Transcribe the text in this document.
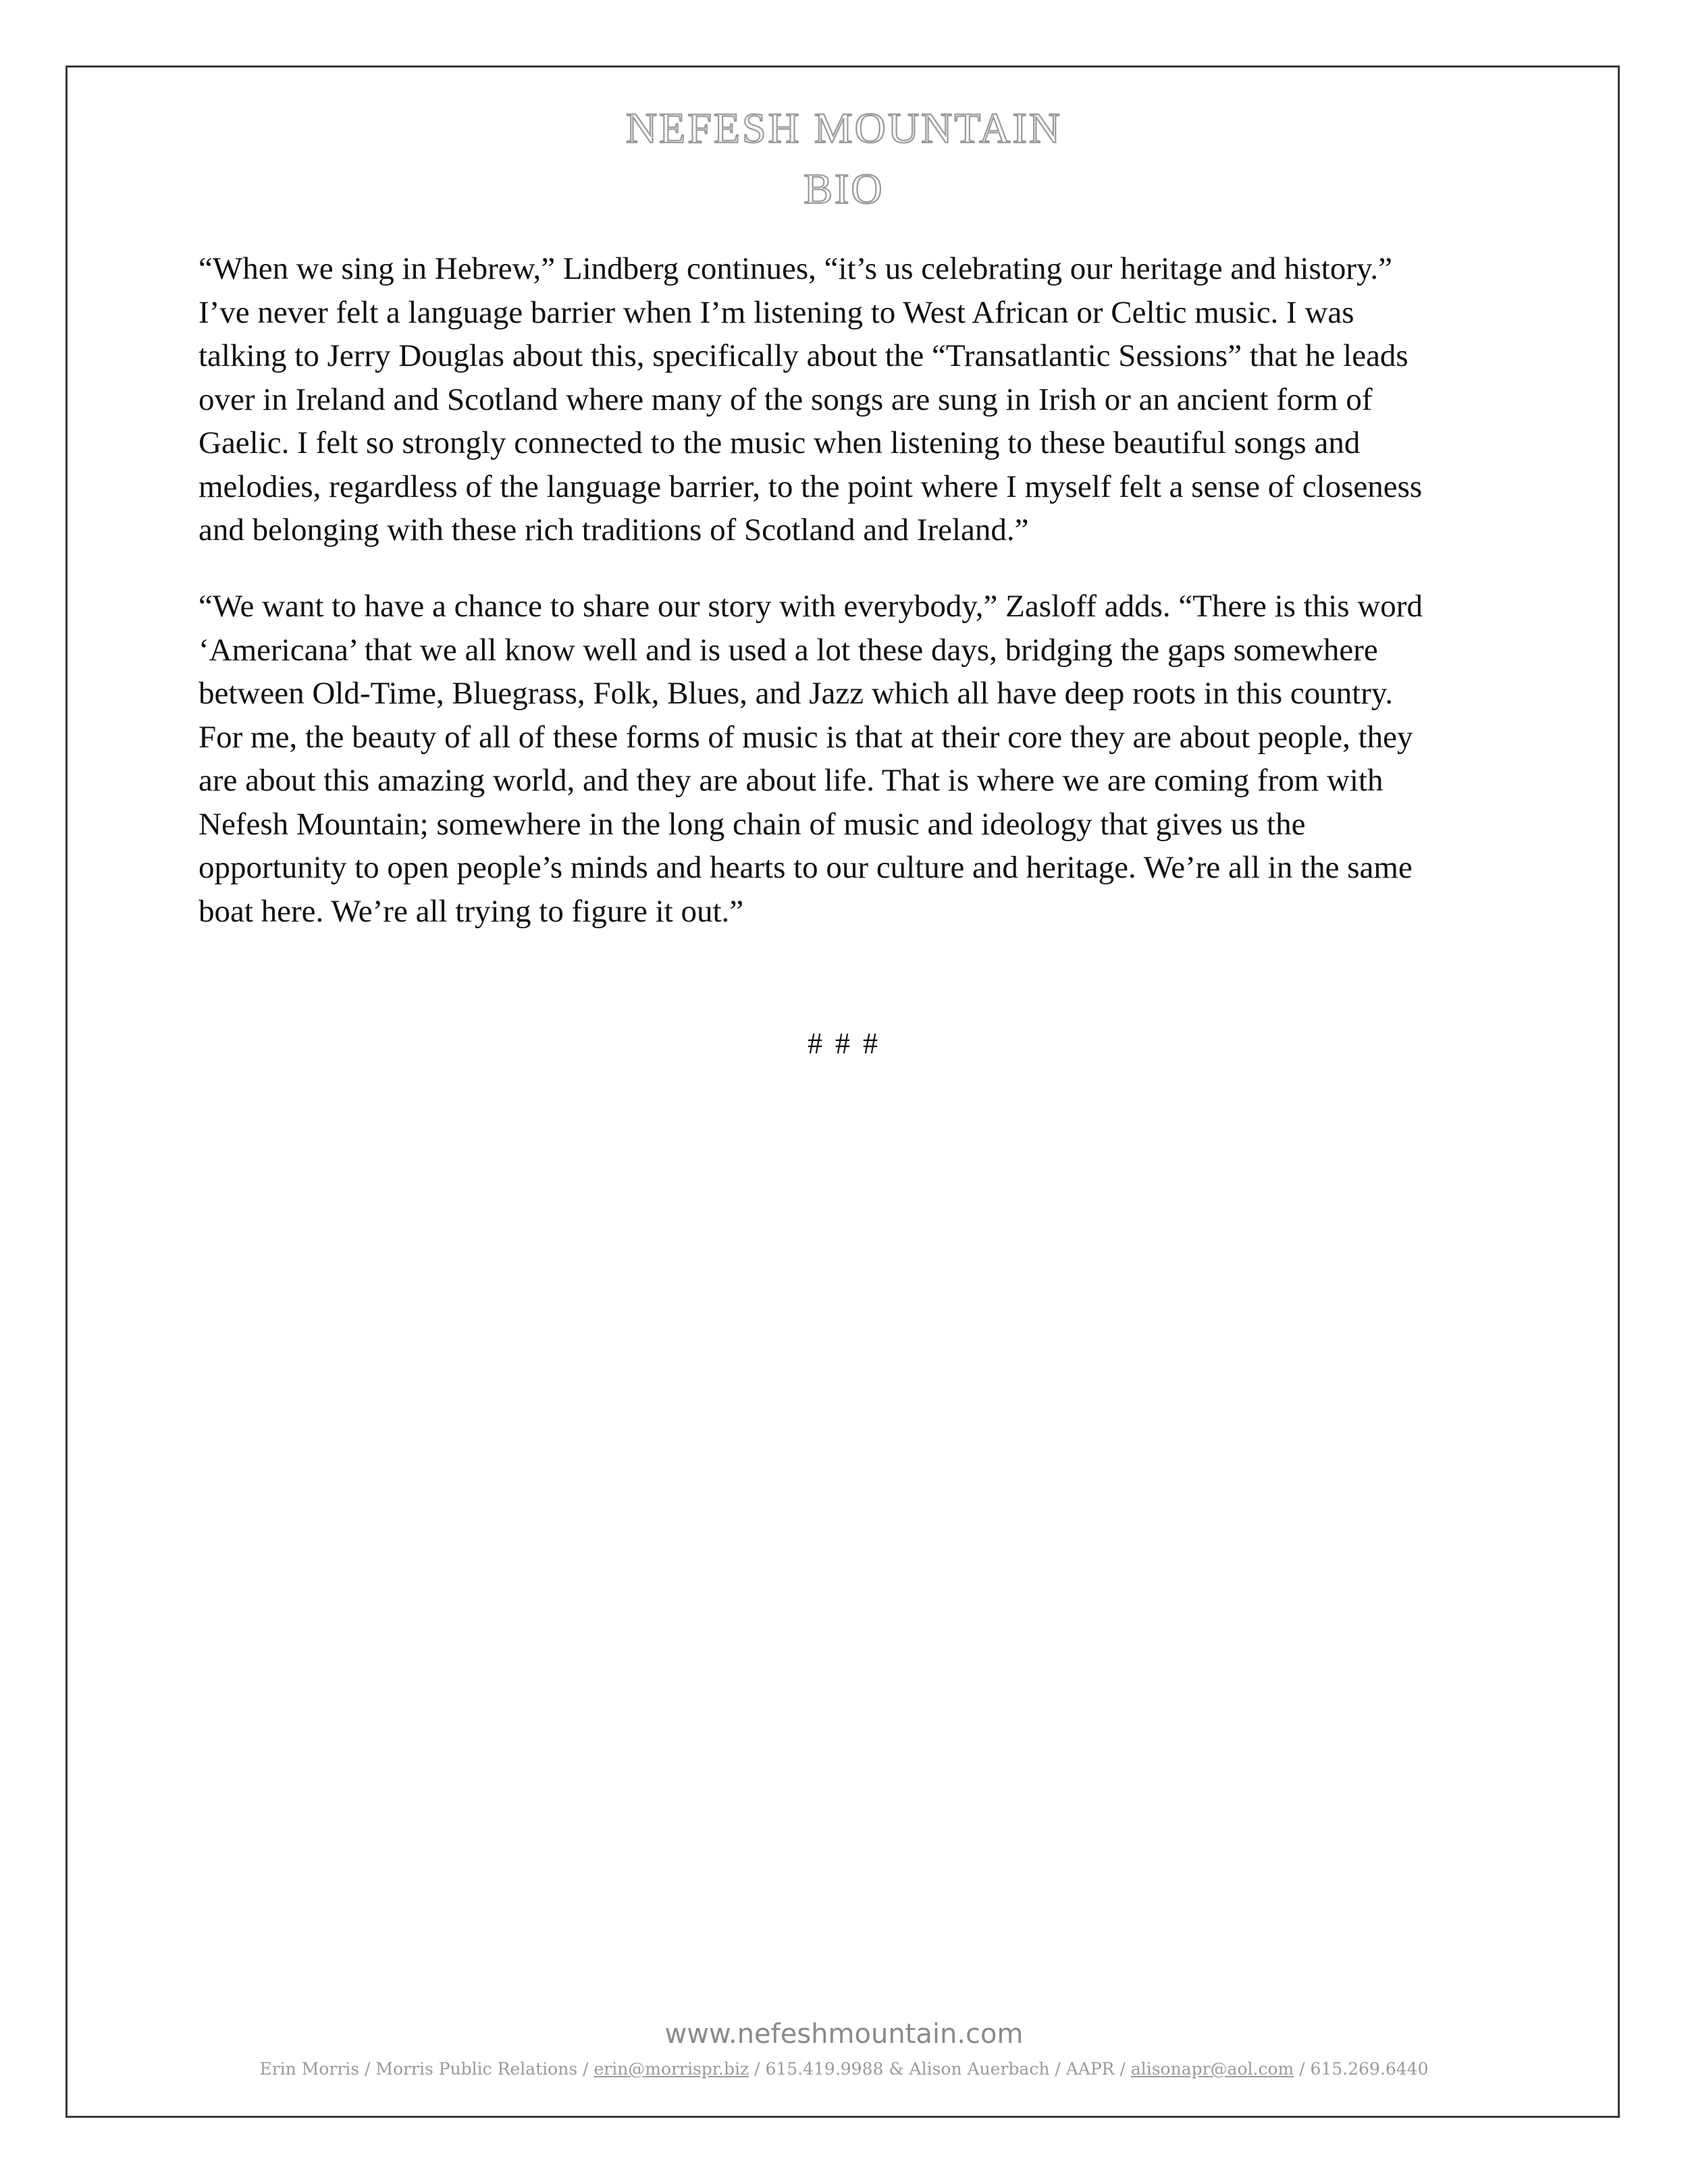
NEFESH MOUNTAIN
BIO
“When we sing in Hebrew,” Lindberg continues, “it’s us celebrating our heritage and history.”
I’ve never felt a language barrier when I’m listening to West African or Celtic music. I was
talking to Jerry Douglas about this, specifically about the “Transatlantic Sessions” that he leads
over in Ireland and Scotland where many of the songs are sung in Irish or an ancient form of
Gaelic. I felt so strongly connected to the music when listening to these beautiful songs and
melodies, regardless of the language barrier, to the point where I myself felt a sense of closeness
and belonging with these rich traditions of Scotland and Ireland.”
“We want to have a chance to share our story with everybody,” Zasloff adds. “There is this word
‘Americana’ that we all know well and is used a lot these days, bridging the gaps somewhere
between Old-Time, Bluegrass, Folk, Blues, and Jazz which all have deep roots in this country.
For me, the beauty of all of these forms of music is that at their core they are about people, they
are about this amazing world, and they are about life. That is where we are coming from with
Nefesh Mountain; somewhere in the long chain of music and ideology that gives us the
opportunity to open people’s minds and hearts to our culture and heritage. We’re all in the same
boat here. We’re all trying to figure it out.”
# # #
www.nefeshmountain.com
Erin Morris / Morris Public Relations / erin@morrispr.biz / 615.419.9988 & Alison Auerbach / AAPR / alisonapr@aol.com / 615.269.6440
